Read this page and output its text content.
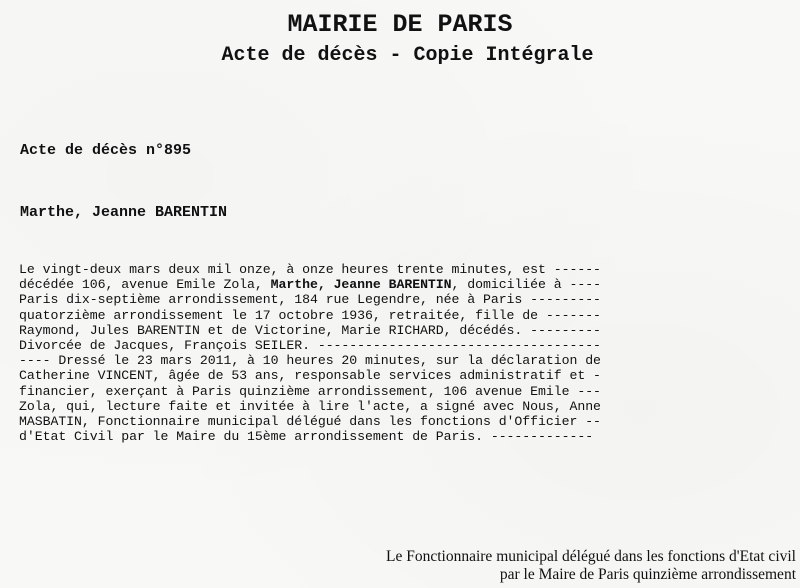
MAIRIE DE PARIS
Acte de décès - Copie Intégrale
Acte de décès n°895
Marthe, Jeanne BARENTIN
Le vingt-deux mars deux mil onze, à onze heures trente minutes, est ------
décédée 106, avenue Emile Zola, Marthe, Jeanne BARENTIN, domiciliée à ----
Paris dix-septième arrondissement, 184 rue Legendre, née à Paris ---------
quatorzième arrondissement le 17 octobre 1936, retraitée, fille de -------
Raymond, Jules BARENTIN et de Victorine, Marie RICHARD, décédés. ---------
Divorcée de Jacques, François SEILER. ------------------------------------
---- Dressé le 23 mars 2011, à 10 heures 20 minutes, sur la déclaration de
Catherine VINCENT, âgée de 53 ans, responsable services administratif et -
financier, exerçant à Paris quinzième arrondissement, 106 avenue Emile ---
Zola, qui, lecture faite et invitée à lire l'acte, a signé avec Nous, Anne
MASBATIN, Fonctionnaire municipal délégué dans les fonctions d'Officier --
d'Etat Civil par le Maire du 15ème arrondissement de Paris. -------------
Le Fonctionnaire municipal délégué dans les fonctions d'Etat civil
par le Maire de Paris quinzième arrondissement
